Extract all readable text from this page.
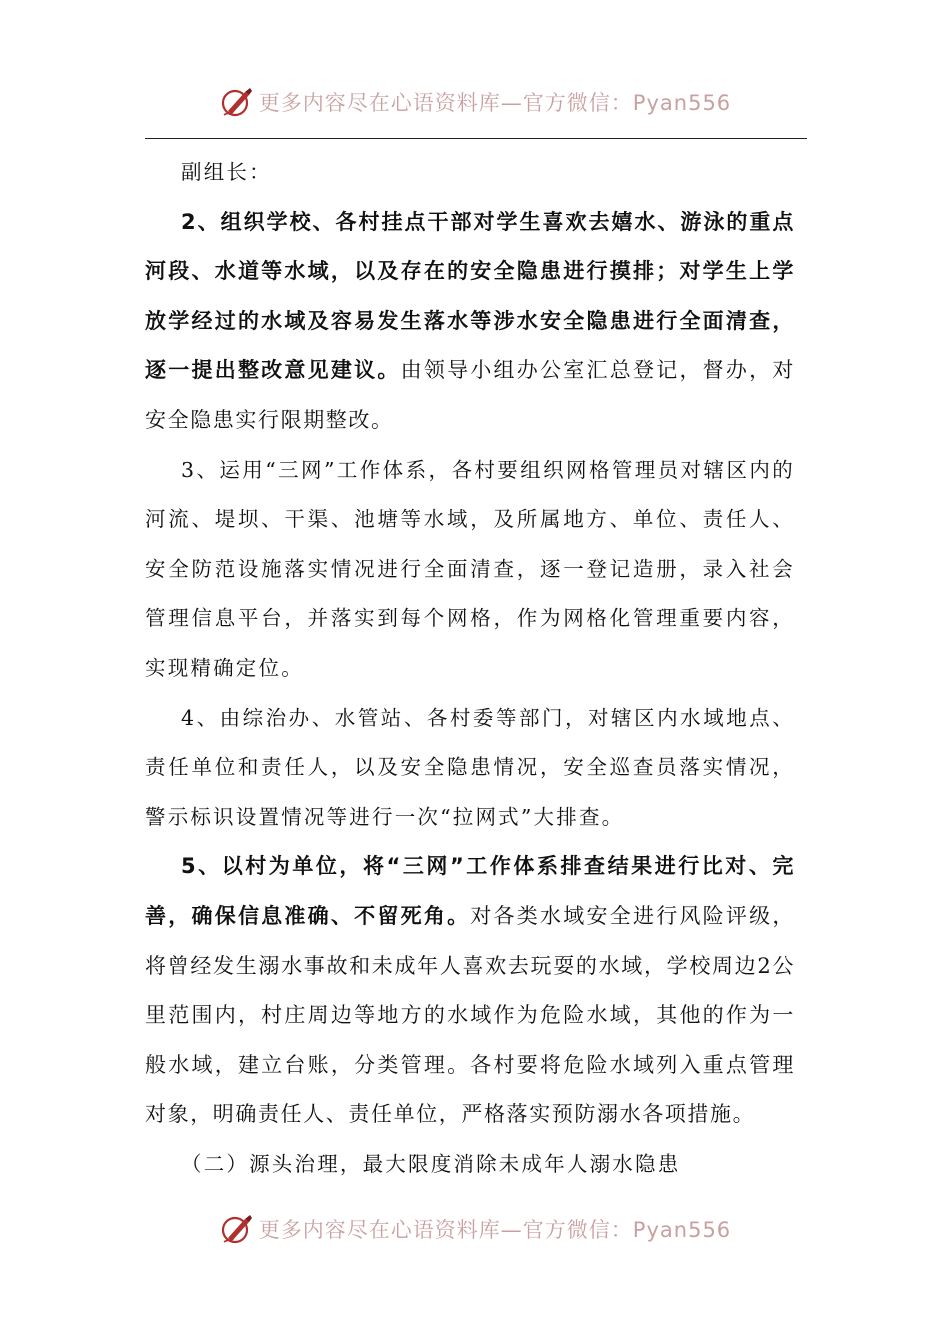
更多内容尽在心语资料库—官方微信：Pyan556

副组长：

2、组织学校、各村挂点干部对学生喜欢去嬉水、游泳的重点河段、水道等水域，以及存在的安全隐患进行摸排；对学生上学放学经过的水域及容易发生落水等涉水安全隐患进行全面清查，逐一提出整改意见建议。由领导小组办公室汇总登记，督办，对安全隐患实行限期整改。

3、运用“三网”工作体系，各村要组织网格管理员对辖区内的河流、堤坝、干渠、池塘等水域，及所属地方、单位、责任人、安全防范设施落实情况进行全面清查，逐一登记造册，录入社会管理信息平台，并落实到每个网格，作为网格化管理重要内容，实现精确定位。

4、由综治办、水管站、各村委等部门，对辖区内水域地点、责任单位和责任人，以及安全隐患情况，安全巡查员落实情况，警示标识设置情况等进行一次“拉网式”大排查。

5、以村为单位，将“三网”工作体系排查结果进行比对、完善，确保信息准确、不留死角。对各类水域安全进行风险评级，将曾经发生溺水事故和未成年人喜欢去玩耍的水域，学校周边2公里范围内，村庄周边等地方的水域作为危险水域，其他的作为一般水域，建立台账，分类管理。各村要将危险水域列入重点管理对象，明确责任人、责任单位，严格落实预防溺水各项措施。

（二）源头治理，最大限度消除未成年人溺水隐患

更多内容尽在心语资料库—官方微信：Pyan556
